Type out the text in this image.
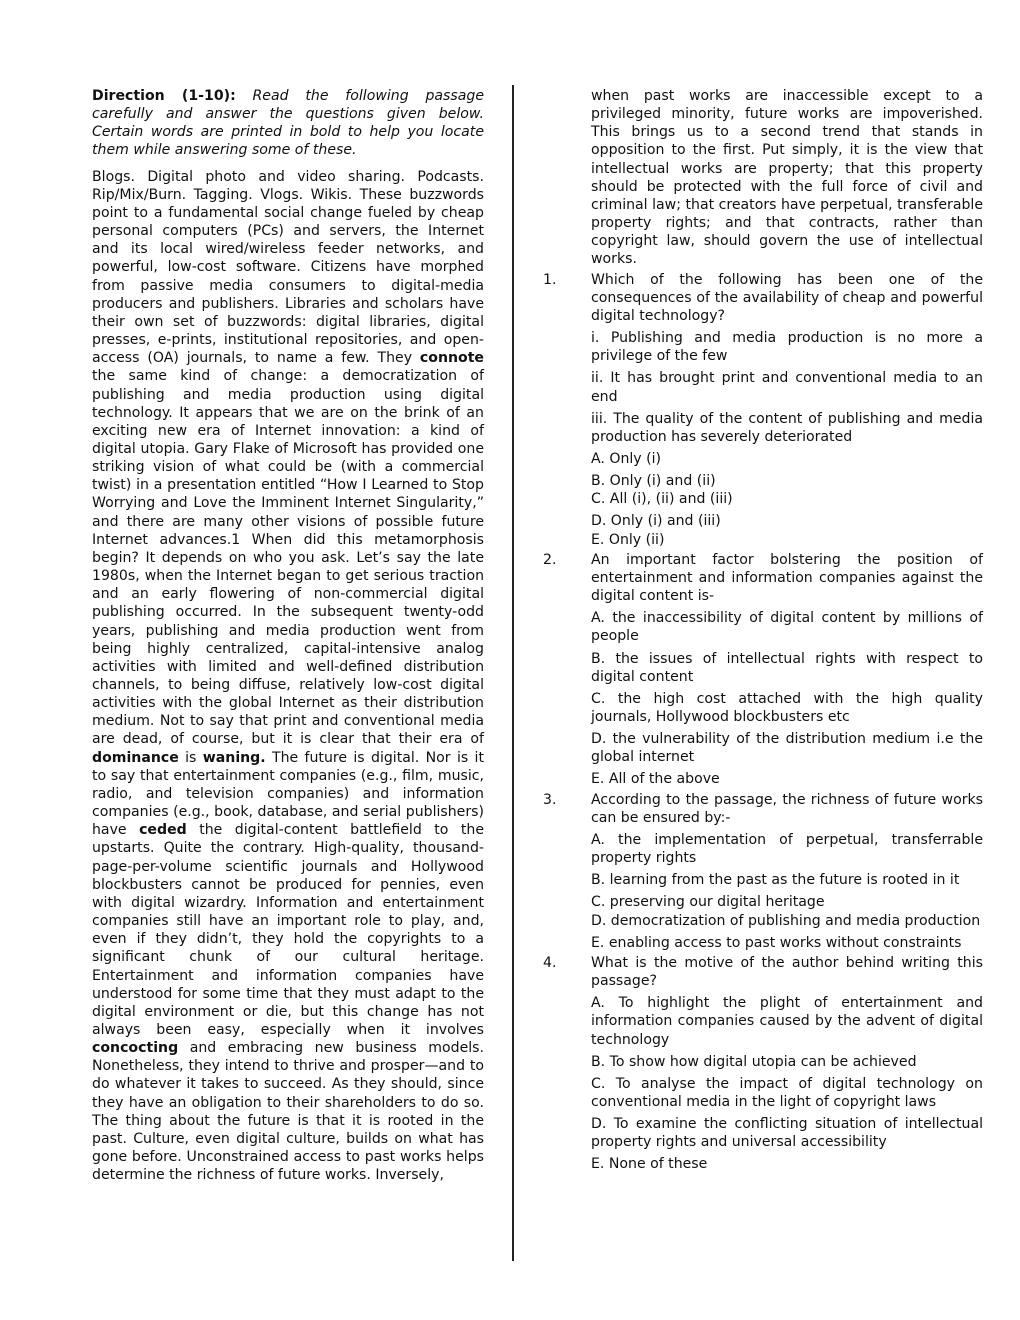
Direction (1-10): Read the following passage carefully and answer the questions given below. Certain words are printed in bold to help you locate them while answering some of these.

Blogs. Digital photo and video sharing. Podcasts. Rip/Mix/Burn. Tagging. Vlogs. Wikis. These buzzwords point to a fundamental social change fueled by cheap personal computers (PCs) and servers, the Internet and its local wired/wireless feeder networks, and powerful, low-cost software. Citizens have morphed from passive media consumers to digital-media producers and publishers. Libraries and scholars have their own set of buzzwords: digital libraries, digital presses, e-prints, institutional repositories, and open-access (OA) journals, to name a few. They connote the same kind of change: a democratization of publishing and media production using digital technology. It appears that we are on the brink of an exciting new era of Internet innovation: a kind of digital utopia. Gary Flake of Microsoft has provided one striking vision of what could be (with a commercial twist) in a presentation entitled “How I Learned to Stop Worrying and Love the Imminent Internet Singularity,” and there are many other visions of possible future Internet advances.1 When did this metamorphosis begin? It depends on who you ask. Let’s say the late 1980s, when the Internet began to get serious traction and an early flowering of non-commercial digital publishing occurred. In the subsequent twenty-odd years, publishing and media production went from being highly centralized, capital-intensive analog activities with limited and well-defined distribution channels, to being diffuse, relatively low-cost digital activities with the global Internet as their distribution medium. Not to say that print and conventional media are dead, of course, but it is clear that their era of dominance is waning. The future is digital. Nor is it to say that entertainment companies (e.g., film, music, radio, and television companies) and information companies (e.g., book, database, and serial publishers) have ceded the digital-content battlefield to the upstarts. Quite the contrary. High-quality, thousand-page-per-volume scientific journals and Hollywood blockbusters cannot be produced for pennies, even with digital wizardry. Information and entertainment companies still have an important role to play, and, even if they didn’t, they hold the copyrights to a significant chunk of our cultural heritage. Entertainment and information companies have understood for some time that they must adapt to the digital environment or die, but this change has not always been easy, especially when it involves concocting and embracing new business models. Nonetheless, they intend to thrive and prosper—and to do whatever it takes to succeed. As they should, since they have an obligation to their shareholders to do so. The thing about the future is that it is rooted in the past. Culture, even digital culture, builds on what has gone before. Unconstrained access to past works helps determine the richness of future works. Inversely,

when past works are inaccessible except to a privileged minority, future works are impoverished. This brings us to a second trend that stands in opposition to the first. Put simply, it is the view that intellectual works are property; that this property should be protected with the full force of civil and criminal law; that creators have perpetual, transferable property rights; and that contracts, rather than copyright law, should govern the use of intellectual works.

1. Which of the following has been one of the consequences of the availability of cheap and powerful digital technology?
i. Publishing and media production is no more a privilege of the few
ii. It has brought print and conventional media to an end
iii. The quality of the content of publishing and media production has severely deteriorated
A. Only (i)
B. Only (i) and (ii)
C. All (i), (ii) and (iii)
D. Only (i) and (iii)
E. Only (ii)
2. An important factor bolstering the position of entertainment and information companies against the digital content is-
A. the inaccessibility of digital content by millions of people
B. the issues of intellectual rights with respect to digital content
C. the high cost attached with the high quality journals, Hollywood blockbusters etc
D. the vulnerability of the distribution medium i.e the global internet
E. All of the above
3. According to the passage, the richness of future works can be ensured by:-
A. the implementation of perpetual, transferrable property rights
B. learning from the past as the future is rooted in it
C. preserving our digital heritage
D. democratization of publishing and media production
E. enabling access to past works without constraints
4. What is the motive of the author behind writing this passage?
A. To highlight the plight of entertainment and information companies caused by the advent of digital technology
B. To show how digital utopia can be achieved
C. To analyse the impact of digital technology on conventional media in the light of copyright laws
D. To examine the conflicting situation of intellectual property rights and universal accessibility
E. None of these
